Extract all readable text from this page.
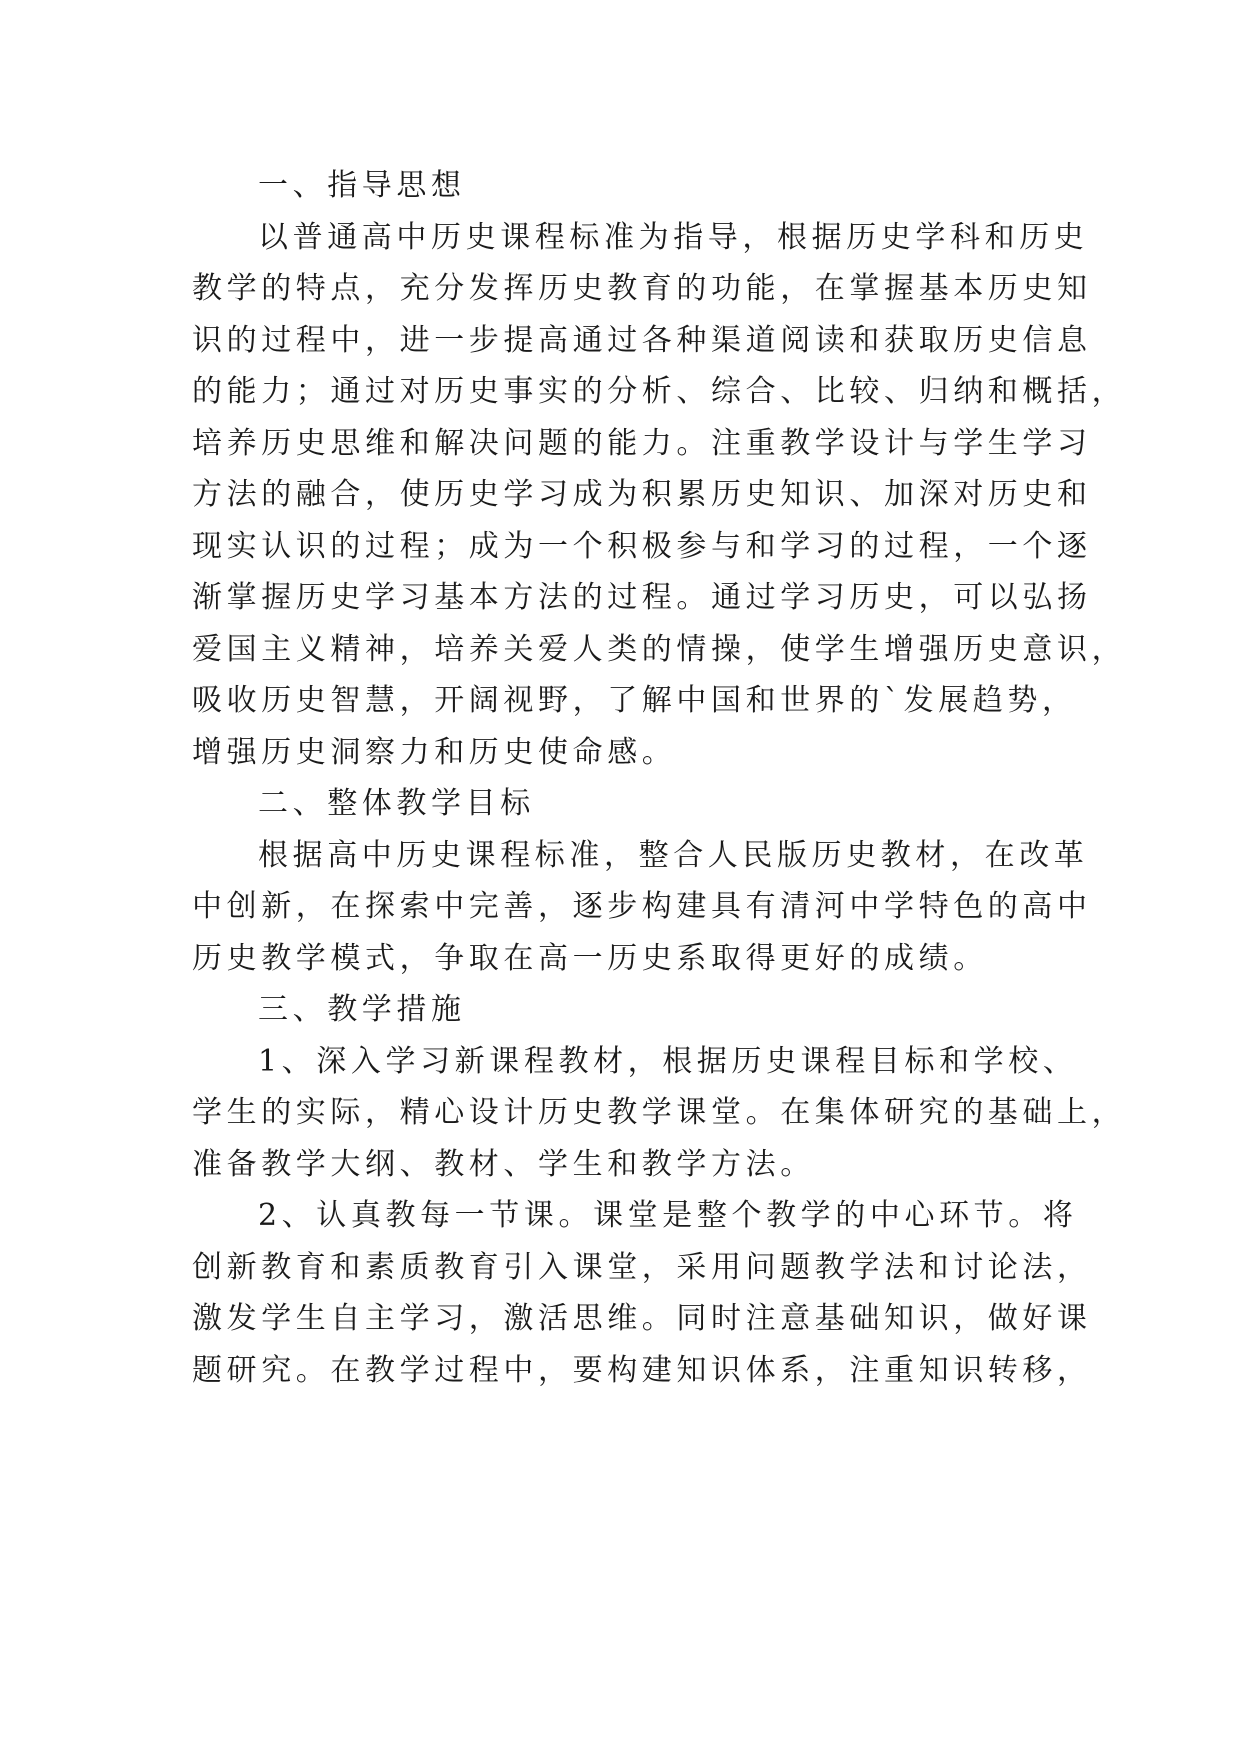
一、指导思想
以普通高中历史课程标准为指导，根据历史学科和历史
教学的特点，充分发挥历史教育的功能，在掌握基本历史知
识的过程中，进一步提高通过各种渠道阅读和获取历史信息
的能力；通过对历史事实的分析、综合、比较、归纳和概括，
培养历史思维和解决问题的能力。注重教学设计与学生学习
方法的融合，使历史学习成为积累历史知识、加深对历史和
现实认识的过程；成为一个积极参与和学习的过程，一个逐
渐掌握历史学习基本方法的过程。通过学习历史，可以弘扬
爱国主义精神，培养关爱人类的情操，使学生增强历史意识，
吸收历史智慧，开阔视野，了解中国和世界的`发展趋势，
增强历史洞察力和历史使命感。
二、整体教学目标
根据高中历史课程标准，整合人民版历史教材，在改革
中创新，在探索中完善，逐步构建具有清河中学特色的高中
历史教学模式，争取在高一历史系取得更好的成绩。
三、教学措施
1、深入学习新课程教材，根据历史课程目标和学校、
学生的实际，精心设计历史教学课堂。在集体研究的基础上，
准备教学大纲、教材、学生和教学方法。
2、认真教每一节课。课堂是整个教学的中心环节。将
创新教育和素质教育引入课堂，采用问题教学法和讨论法，
激发学生自主学习，激活思维。同时注意基础知识，做好课
题研究。在教学过程中，要构建知识体系，注重知识转移，
